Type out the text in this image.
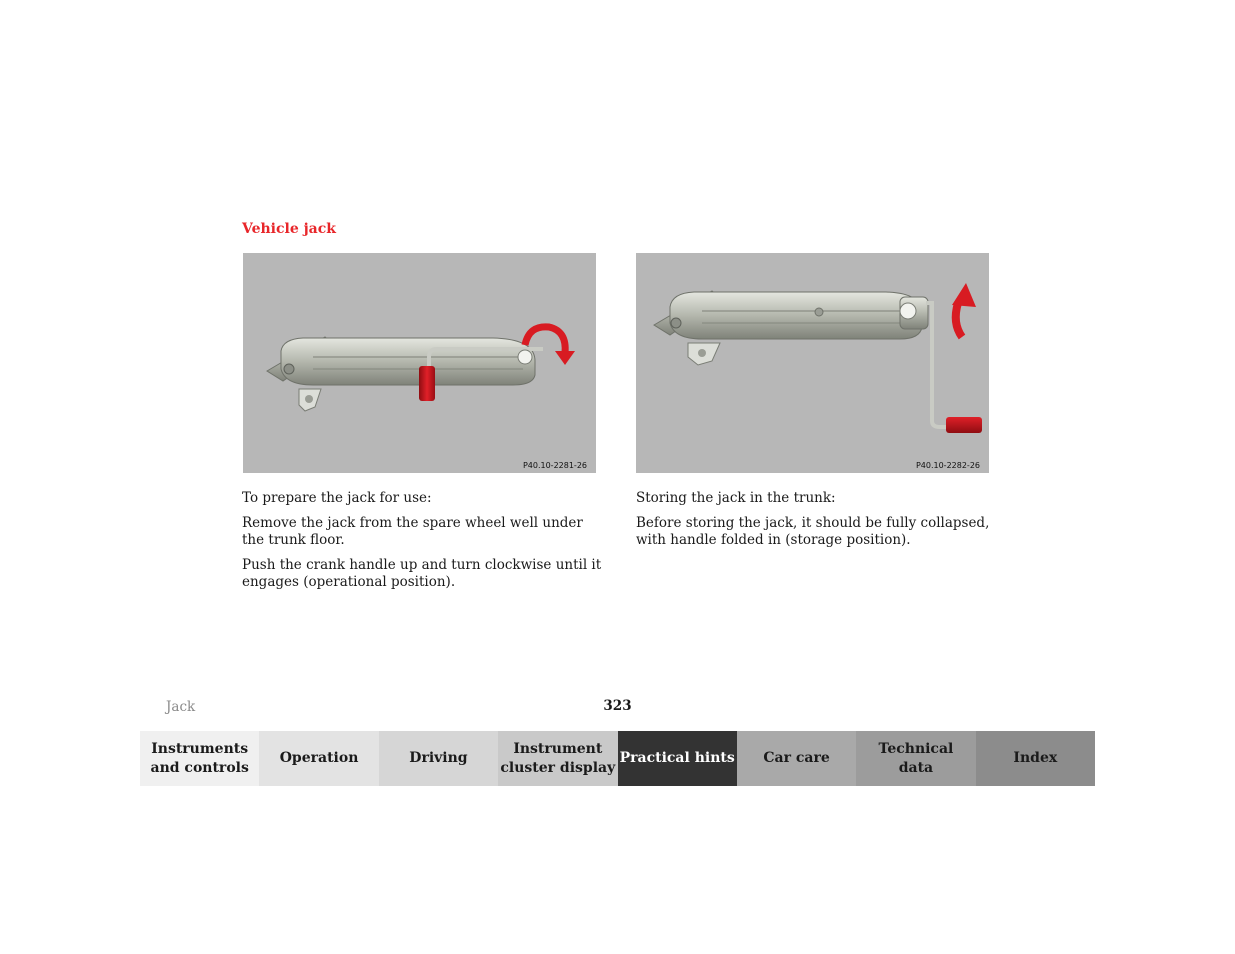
Vehicle jack
P40.10-2281-26	P40.10-2282-26

To prepare the jack for use:

Remove the jack from the spare wheel well under the trunk floor.

Push the crank handle up and turn clockwise until it engages (operational position).

Storing the jack in the trunk:

Before storing the jack, it should be fully collapsed, with handle folded in (storage position).

Jack	323
Instruments
and controls
Operation	Driving
Instrument
cluster display
Practical hints	Car care
Technical
data
Index
